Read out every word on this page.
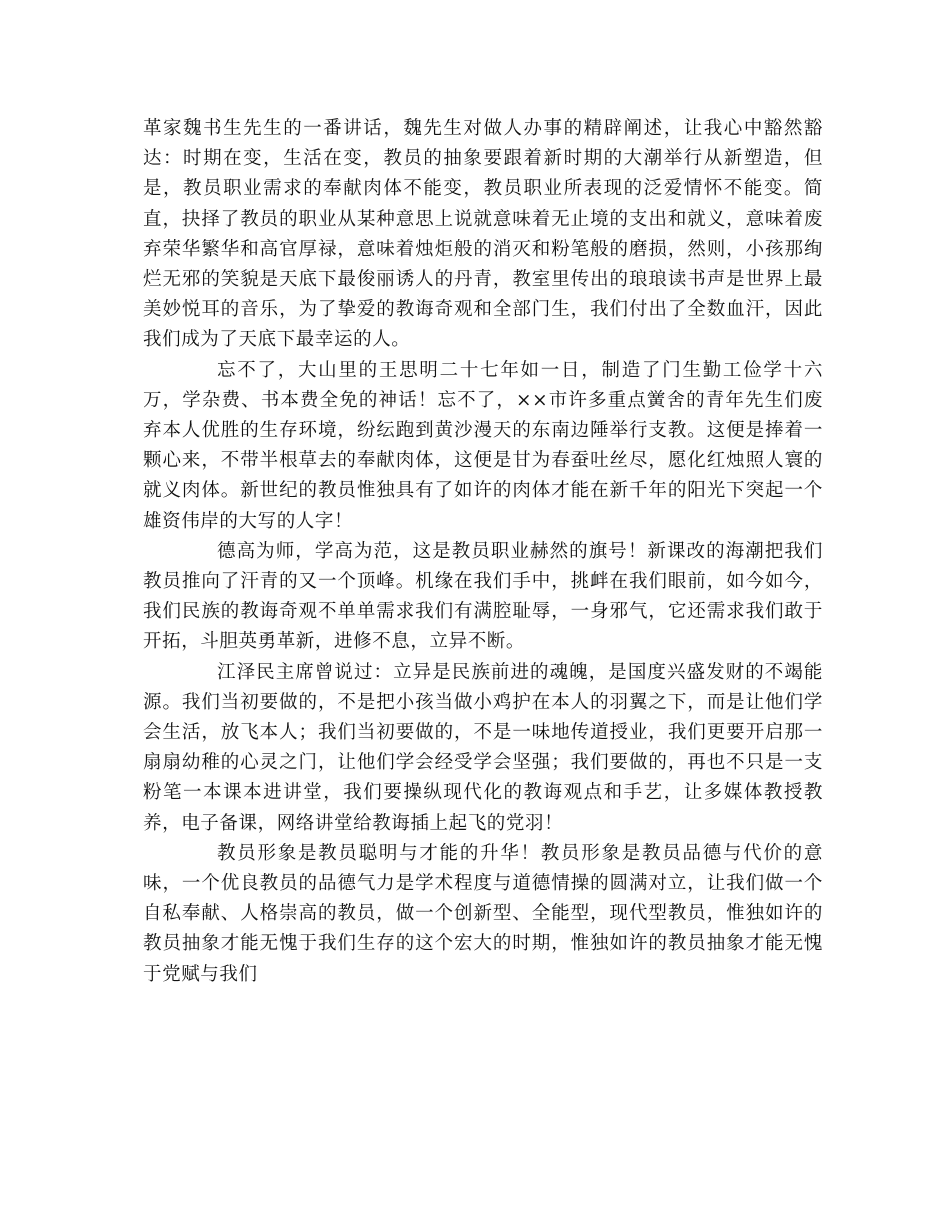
革家魏书生先生的一番讲话，魏先生对做人办事的精辟阐述，让我心中豁然豁达：时期在变，生活在变，教员的抽象要跟着新时期的大潮举行从新塑造，但是，教员职业需求的奉献肉体不能变，教员职业所表现的泛爱情怀不能变。简直，抉择了教员的职业从某种意思上说就意味着无止境的支出和就义，意味着废弃荣华繁华和高官厚禄，意味着烛炬般的消灭和粉笔般的磨损，然则，小孩那绚烂无邪的笑貌是天底下最俊丽诱人的丹青，教室里传出的琅琅读书声是世界上最美妙悦耳的音乐，为了挚爱的教诲奇观和全部门生，我们付出了全数血汗，因此我们成为了天底下最幸运的人。

忘不了，大山里的王思明二十七年如一日，制造了门生勤工俭学十六万，学杂费、书本费全免的神话！忘不了，××市许多重点黉舍的青年先生们废弃本人优胜的生存环境，纷纭跑到黄沙漫天的东南边陲举行支教。这便是捧着一颗心来，不带半根草去的奉献肉体，这便是甘为春蚕吐丝尽，愿化红烛照人寰的就义肉体。新世纪的教员惟独具有了如许的肉体才能在新千年的阳光下突起一个雄资伟岸的大写的人字！

德高为师，学高为范，这是教员职业赫然的旗号！新课改的海潮把我们教员推向了汗青的又一个顶峰。机缘在我们手中，挑衅在我们眼前，如今如今，我们民族的教诲奇观不单单需求我们有满腔耻辱，一身邪气，它还需求我们敢于开拓，斗胆英勇革新，进修不息，立异不断。

江泽民主席曾说过：立异是民族前进的魂魄，是国度兴盛发财的不竭能源。我们当初要做的，不是把小孩当做小鸡护在本人的羽翼之下，而是让他们学会生活，放飞本人；我们当初要做的，不是一味地传道授业，我们更要开启那一扇扇幼稚的心灵之门，让他们学会经受学会坚强；我们要做的，再也不只是一支粉笔一本课本进讲堂，我们要操纵现代化的教诲观点和手艺，让多媒体教授教养，电子备课，网络讲堂给教诲插上起飞的党羽！

教员形象是教员聪明与才能的升华！教员形象是教员品德与代价的意味，一个优良教员的品德气力是学术程度与道德情操的圆满对立，让我们做一个自私奉献、人格崇高的教员，做一个创新型、全能型，现代型教员，惟独如许的教员抽象才能无愧于我们生存的这个宏大的时期，惟独如许的教员抽象才能无愧于党赋与我们
